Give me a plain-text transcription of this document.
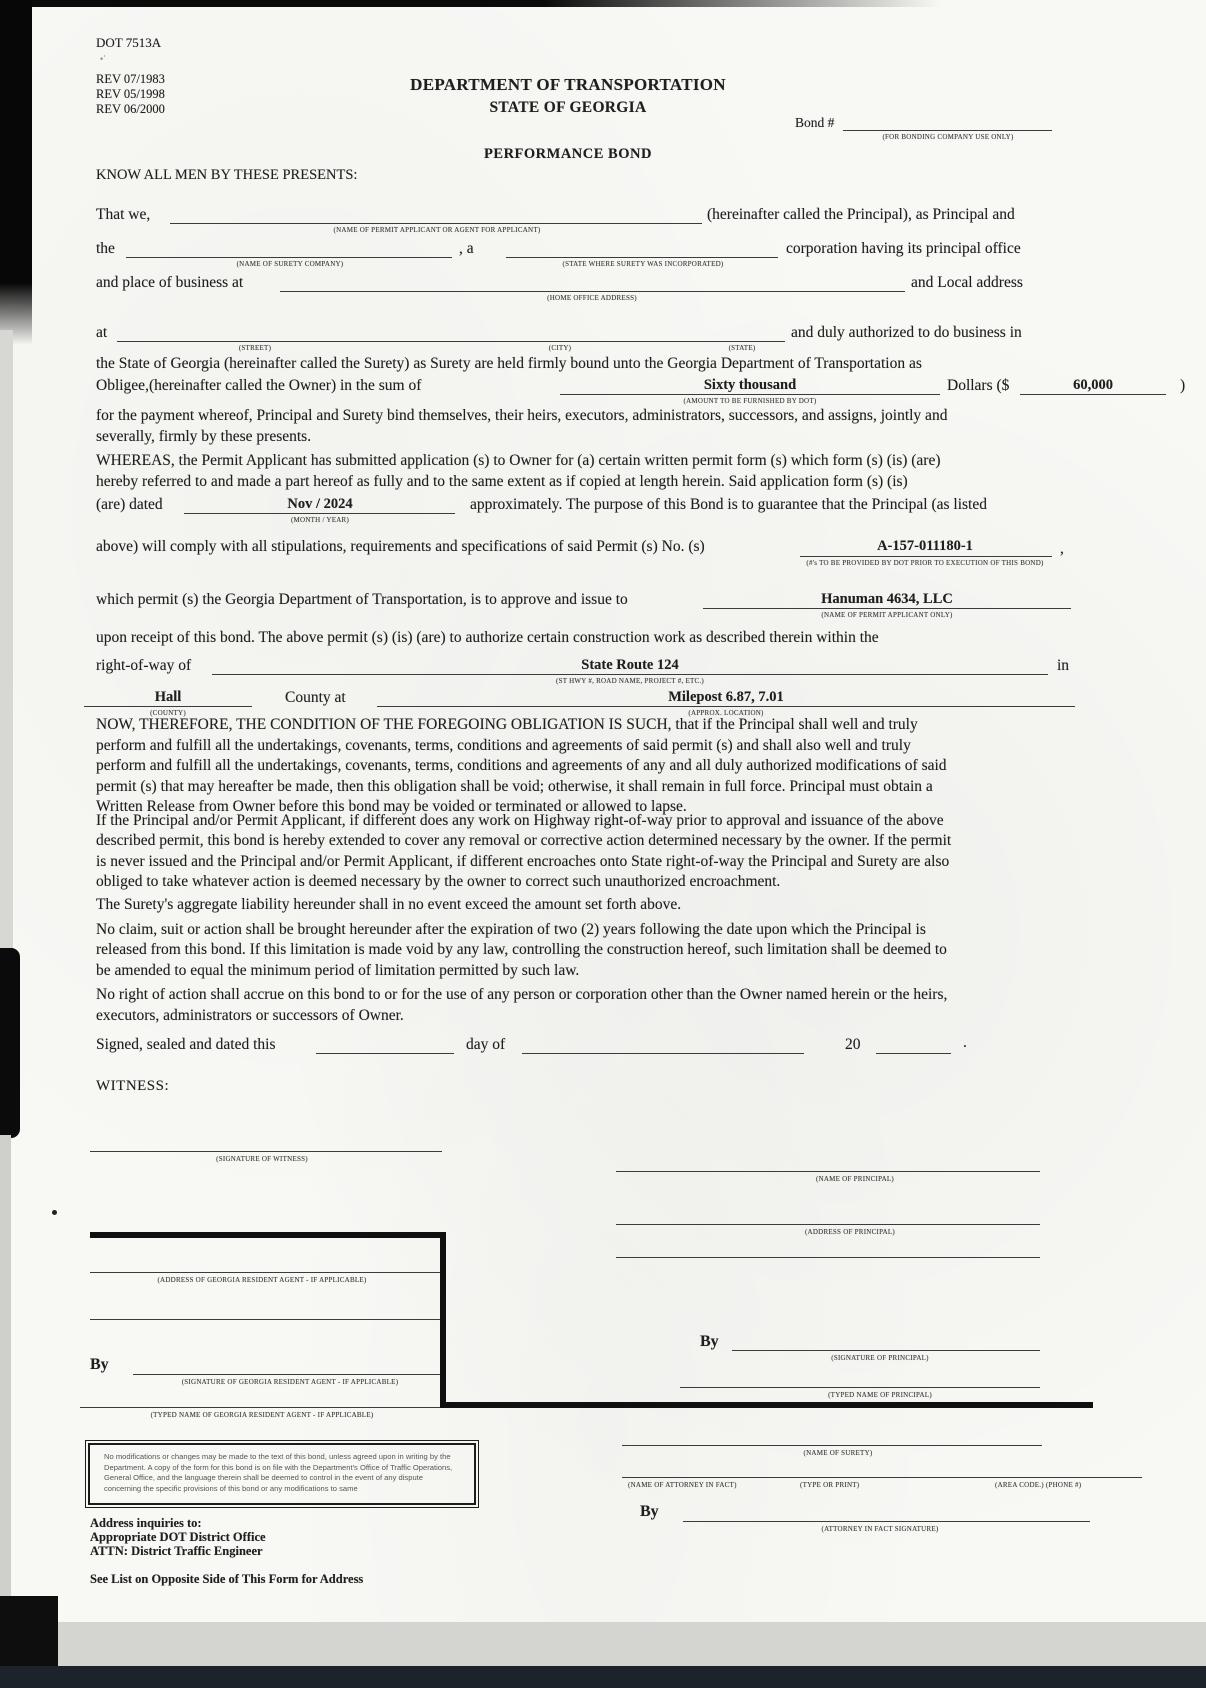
DOT 7513A
•ʾ
REV 07/1983
REV 05/1998
REV 06/2000
DEPARTMENT OF TRANSPORTATION
STATE OF GEORGIA
Bond #
(FOR BONDING COMPANY USE ONLY)
PERFORMANCE BOND
KNOW ALL MEN BY THESE PRESENTS:
That we,
(NAME OF PERMIT APPLICANT OR AGENT FOR APPLICANT)
(hereinafter called the Principal), as Principal and
the
(NAME OF SURETY COMPANY)
, a
(STATE WHERE SURETY WAS INCORPORATED)
corporation having its principal office
and place of business at
(HOME OFFICE ADDRESS)
and Local address
at
(STREET)	(CITY)	(STATE)
and duly authorized to do business in
the State of Georgia (hereinafter called the Surety) as Surety are held firmly bound unto the Georgia Department of Transportation as
Obligee,(hereinafter called the Owner) in the sum of	Sixty thousand
(AMOUNT TO BE FURNISHED BY DOT)
Dollars ($	60,000	)
for the payment whereof, Principal and Surety bind themselves, their heirs, executors, administrators, successors, and assigns, jointly and
severally, firmly by these presents.
WHEREAS, the Permit Applicant has submitted application (s) to Owner for (a) certain written permit form (s) which form (s) (is) (are)
hereby referred to and made a part hereof as fully and to the same extent as if copied at length herein. Said application form (s) (is)
(are) dated	Nov / 2024
(MONTH / YEAR)
approximately. The purpose of this Bond is to guarantee that the Principal (as listed
above) will comply with all stipulations, requirements and specifications of said Permit (s) No. (s)	A-157-011180-1
(#'s TO BE PROVIDED BY DOT PRIOR TO EXECUTION OF THIS BOND)
,
which permit (s) the Georgia Department of Transportation, is to approve and issue to	Hanuman 4634, LLC
(NAME OF PERMIT APPLICANT ONLY)
upon receipt of this bond. The above permit (s) (is) (are) to authorize certain construction work as described therein within the
right-of-way of	State Route 124
(ST HWY #, ROAD NAME, PROJECT #, ETC.)
in
Hall
(COUNTY)
County at	Milepost 6.87, 7.01
(APPROX. LOCATION)
NOW, THEREFORE, THE CONDITION OF THE FOREGOING OBLIGATION IS SUCH, that if the Principal shall well and truly
perform and fulfill all the undertakings, covenants, terms, conditions and agreements of said permit (s) and shall also well and truly
perform and fulfill all the undertakings, covenants, terms, conditions and agreements of any and all duly authorized modifications of said
permit (s) that may hereafter be made, then this obligation shall be void; otherwise, it shall remain in full force. Principal must obtain a
Written Release from Owner before this bond may be voided or terminated or allowed to lapse.
If the Principal and/or Permit Applicant, if different does any work on Highway right-of-way prior to approval and issuance of the above
described permit, this bond is hereby extended to cover any removal or corrective action determined necessary by the owner. If the permit
is never issued and the Principal and/or Permit Applicant, if different encroaches onto State right-of-way the Principal and Surety are also
obliged to take whatever action is deemed necessary by the owner to correct such unauthorized encroachment.
The Surety's aggregate liability hereunder shall in no event exceed the amount set forth above.
No claim, suit or action shall be brought hereunder after the expiration of two (2) years following the date upon which the Principal is
released from this bond. If this limitation is made void by any law, controlling the construction hereof, such limitation shall be deemed to
be amended to equal the minimum period of limitation permitted by such law.
No right of action shall accrue on this bond to or for the use of any person or corporation other than the Owner named herein or the heirs,
executors, administrators or successors of Owner.
Signed, sealed and dated this	day of	20	.
WITNESS:
(SIGNATURE OF WITNESS)
(ADDRESS OF GEORGIA RESIDENT AGENT - IF APPLICABLE)
By
(SIGNATURE OF GEORGIA RESIDENT AGENT - IF APPLICABLE)
(TYPED NAME OF GEORGIA RESIDENT AGENT - IF APPLICABLE)
(NAME OF PRINCIPAL)
(ADDRESS OF PRINCIPAL)
By
(SIGNATURE OF PRINCIPAL)
(TYPED NAME OF PRINCIPAL)
(NAME OF SURETY)
(NAME OF ATTORNEY IN FACT)	(TYPE OR PRINT)	(AREA CODE.) (PHONE #)
By
(ATTORNEY IN FACT SIGNATURE)
No modifications or changes may be made to the text of this bond, unless agreed upon in writing by the Department. A copy of the form for this bond is on file with the Department's Office of Traffic Operations, General Office, and the language therein shall be deemed to control in the event of any dispute concerning the specific provisions of this bond or any modifications to same
Address inquiries to:
Appropriate DOT District Office
ATTN: District Traffic Engineer
See List on Opposite Side of This Form for Address
